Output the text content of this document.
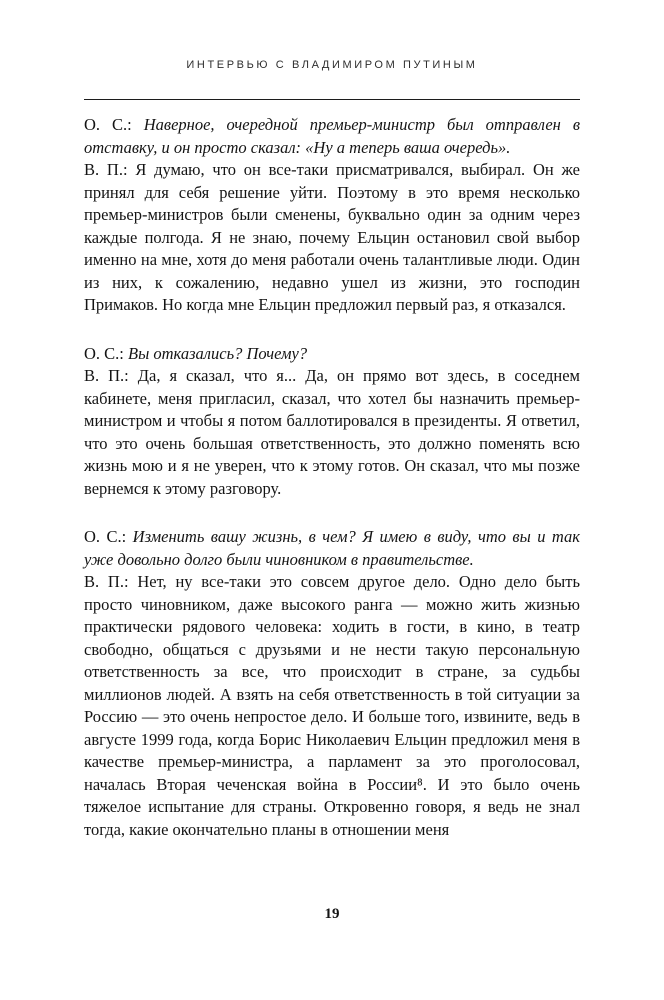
ИНТЕРВЬЮ С ВЛАДИМИРОМ ПУТИНЫМ

О. С.: Наверное, очередной премьер-министр был отправлен в отставку, и он просто сказал: «Ну а теперь ваша очередь».

В. П.: Я думаю, что он все-таки присматривался, выбирал. Он же принял для себя решение уйти. Поэтому в это время несколько премьер-министров были сменены, буквально один за одним через каждые полгода. Я не знаю, почему Ельцин остановил свой выбор именно на мне, хотя до меня работали очень талантливые люди. Один из них, к сожалению, недавно ушел из жизни, это господин Примаков. Но когда мне Ельцин предложил первый раз, я отказался.

О. С.: Вы отказались? Почему?

В. П.: Да, я сказал, что я... Да, он прямо вот здесь, в соседнем кабинете, меня пригласил, сказал, что хотел бы назначить премьер-министром и чтобы я потом баллотировался в президенты. Я ответил, что это очень большая ответственность, это должно поменять всю жизнь мою и я не уверен, что к этому готов. Он сказал, что мы позже вернемся к этому разговору.

О. С.: Изменить вашу жизнь, в чем? Я имею в виду, что вы и так уже довольно долго были чиновником в правительстве.

В. П.: Нет, ну все-таки это совсем другое дело. Одно дело быть просто чиновником, даже высокого ранга — можно жить жизнью практически рядового человека: ходить в гости, в кино, в театр свободно, общаться с друзьями и не нести такую персональную ответственность за все, что происходит в стране, за судьбы миллионов людей. А взять на себя ответственность в той ситуации за Россию — это очень непростое дело. И больше того, извините, ведь в августе 1999 года, когда Борис Николаевич Ельцин предложил меня в качестве премьер-министра, а парламент за это проголосовал, началась Вторая чеченская война в России⁸. И это было очень тяжелое испытание для страны. Откровенно говоря, я ведь не знал тогда, какие окончательно планы в отношении меня

19
